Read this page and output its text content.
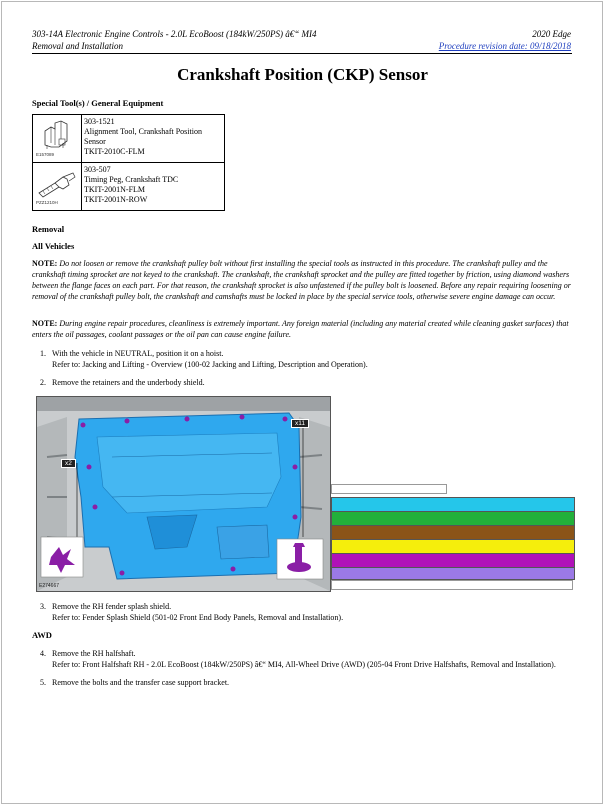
303-14A Electronic Engine Controls - 2.0L EcoBoost (184kW/250PS) â€“ MI4
Removal and Installation
2020 Edge
Procedure revision date: 09/18/2018
Crankshaft Position (CKP) Sensor
Special Tool(s) / General Equipment
E157089	303-1521
Alignment Tool, Crankshaft Position Sensor
TKIT-2010C-FLM

PZZ1210H	303-507
Timing Peg, Crankshaft TDC
TKIT-2001N-FLM
TKIT-2001N-ROW
Removal
All Vehicles
NOTE: Do not loosen or remove the crankshaft pulley bolt without first installing the special tools as instructed in this procedure. The crankshaft pulley and the crankshaft timing sprocket are not keyed to the crankshaft. The crankshaft, the crankshaft sprocket and the pulley are fitted together by friction, using diamond washers between the flange faces on each part. For that reason, the crankshaft sprocket is also unfastened if the pulley bolt is loosened. Before any repair requiring loosening or removal of the crankshaft pulley bolt, the crankshaft and camshafts must be locked in place by the special service tools, otherwise severe engine damage can occur.
NOTE: During engine repair procedures, cleanliness is extremely important. Any foreign material (including any material created while cleaning gasket surfaces) that enters the oil passages, coolant passages or the oil pan can cause engine failure.
1. With the vehicle in NEUTRAL, position it on a hoist.
Refer to: Jacking and Lifting - Overview (100-02 Jacking and Lifting, Description and Operation).
2. Remove the retainers and the underbody shield.
x11
x2
E274667
3. Remove the RH fender splash shield.
Refer to: Fender Splash Shield (501-02 Front End Body Panels, Removal and Installation).
AWD
4. Remove the RH halfshaft.
Refer to: Front Halfshaft RH - 2.0L EcoBoost (184kW/250PS) â€“ MI4, All-Wheel Drive (AWD) (205-04 Front Drive Halfshafts, Removal and Installation).
5. Remove the bolts and the transfer case support bracket.
